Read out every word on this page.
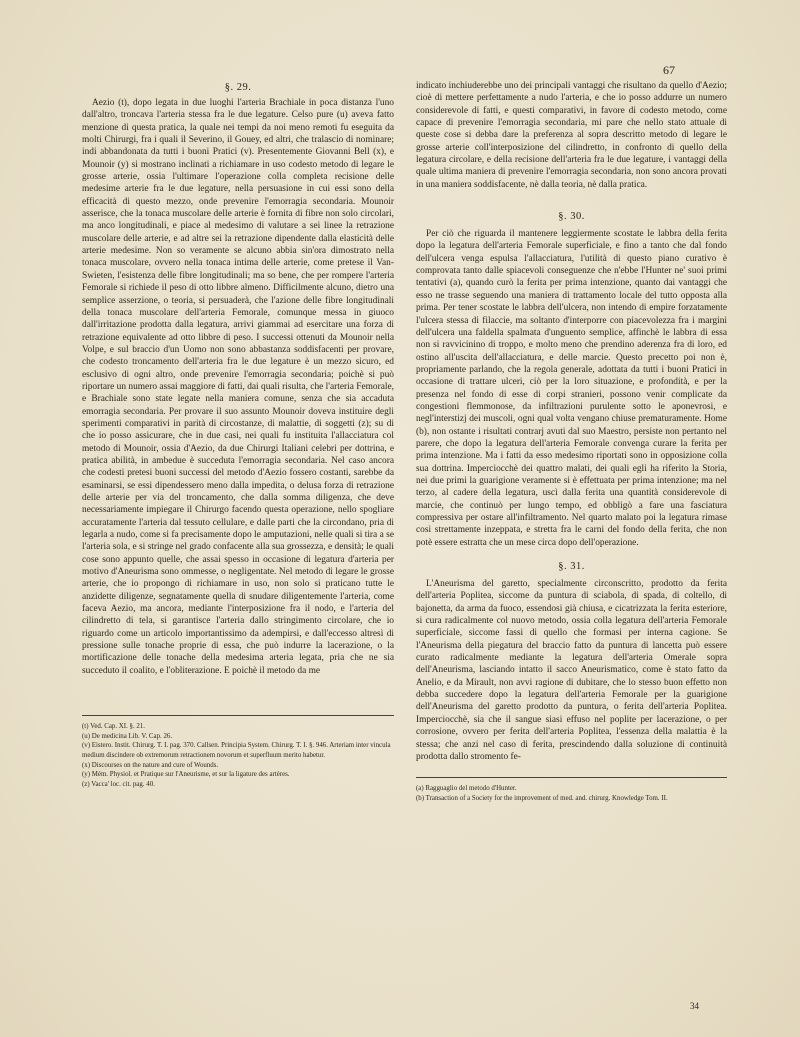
67
§. 29.

Aezio (t), dopo legata in due luoghi l'arteria Brachiale in poca distanza l'uno dall'altro, troncava l'arteria stessa fra le due legature. Celso pure (u) aveva fatto menzione di questa pratica, la quale nei tempi da noi meno remoti fu eseguita da molti Chirurgi, fra i quali il Severino, il Gouey, ed altri, che tralascio di nominare; indi abbandonata da tutti i buoni Pratici (v). Presentemente Giovanni Bell (x), e Mounoir (y) si mostrano inclinati a richiamare in uso codesto metodo di legare le grosse arterie, ossia l'ultimare l'operazione colla completa recisione delle medesime arterie fra le due legature, nella persuasione in cui essi sono della efficacità di questo mezzo, onde prevenire l'emorragia secondaria. Mounoir asserisce, che la tonaca muscolare delle arterie è fornita di fibre non solo circolari, ma anco longitudinali, e piace al medesimo di valutare a sei linee la retrazione muscolare delle arterie, e ad altre sei la retrazione dipendente dalla elasticità delle arterie medesime. Non so veramente se alcuno abbia sin'ora dimostrato nella tonaca muscolare, ovvero nella tonaca intima delle arterie, come pretese il Van-Swieten, l'esistenza delle fibre longitudinali; ma so bene, che per rompere l'arteria Femorale si richiede il peso di otto libbre almeno. Difficilmente alcuno, dietro una semplice asserzione, o teoria, si persuaderà, che l'azione delle fibre longitudinali della tonaca muscolare dell'arteria Femorale, comunque messa in giuoco dall'irritazione prodotta dalla legatura, arrivi giammai ad esercitare una forza di retrazione equivalente ad otto libbre di peso. I successi ottenuti da Mounoir nella Volpe, e sul braccio d'un Uomo non sono abbastanza soddisfacenti per provare, che codesto troncamento dell'arteria fra le due legature è un mezzo sicuro, ed esclusivo di ogni altro, onde prevenire l'emorragia secondaria; poichè si può riportare un numero assai maggiore di fatti, dai quali risulta, che l'arteria Femorale, e Brachiale sono state legate nella maniera comune, senza che sia accaduta emorragia secondaria. Per provare il suo assunto Mounoir doveva instituire degli sperimenti comparativi in parità di circostanze, di malattie, di soggetti (z); su di che io posso assicurare, che in due casi, nei quali fu instituita l'allacciatura col metodo di Mounoir, ossia d'Aezio, da due Chirurgi Italiani celebri per dottrina, e pratica abilità, in ambedue è succeduta l'emorragia secondaria. Nel caso ancora che codesti pretesi buoni successi del metodo d'Aezio fossero costanti, sarebbe da esaminarsi, se essi dipendessero meno dalla impedita, o delusa forza di retrazione delle arterie per via del troncamento, che dalla somma diligenza, che deve necessariamente impiegare il Chirurgo facendo questa operazione, nello spogliare accuratamente l'arteria dal tessuto cellulare, e dalle parti che la circondano, pria di legarla a nudo, come si fa precisamente dopo le amputazioni, nelle quali si tira a se l'arteria sola, e si stringe nel grado confacente alla sua grossezza, e densità; le quali cose sono appunto quelle, che assai spesso in occasione di legatura d'arteria per motivo d'Aneurisma sono ommesse, o negligentate. Nel metodo di legare le grosse arterie, che io propongo di richiamare in uso, non solo si praticano tutte le anzidette diligenze, segnatamente quella di snudare diligentemente l'arteria, come faceva Aezio, ma ancora, mediante l'interposizione fra il nodo, e l'arteria del cilindretto di tela, si garantisce l'arteria dallo stringimento circolare, che io riguardo come un articolo importantissimo da adempirsi, e dall'eccesso altresì di pressione sulle tonache proprie di essa, che può indurre la lacerazione, o la mortificazione delle tonache della medesima arteria legata, pria che ne sia succeduto il coalito, e l'obliterazione. E poichè il metodo da me

(t) Ved. Cap. XI. §. 21.
(u) De medicina Lib. V. Cap. 26.
(v) Eistero. Instit. Chirurg. T. I. pag. 370. Callsen. Principia System. Chirurg. T. I. §. 946. Arteriam inter vincula medium discindere ob extremorum retractionem novorum et superfluum merito habetur.
(x) Discourses on the nature and cure of Wounds.
(y) Mém. Physiol. et Pratique sur l'Aneurisme, et sur la ligature des artères.
(z) Vacca' loc. cit. pag. 40.

indicato inchiuderebbe uno dei principali vantaggi che risultano da quello d'Aezio; cioè di mettere perfettamente a nudo l'arteria, e che io posso addurre un numero considerevole di fatti, e questi comparativi, in favore di codesto metodo, come capace di prevenire l'emorragia secondaria, mi pare che nello stato attuale di queste cose si debba dare la preferenza al sopra descritto metodo di legare le grosse arterie coll'interposizione del cilindretto, in confronto di quello della legatura circolare, e della recisione dell'arteria fra le due legature, i vantaggi della quale ultima maniera di prevenire l'emorragia secondaria, non sono ancora provati in una maniera soddisfacente, nè dalla teoria, nè dalla pratica.

§. 30.

Per ciò che riguarda il mantenere leggiermente scostate le labbra della ferita dopo la legatura dell'arteria Femorale superficiale, e fino a tanto che dal fondo dell'ulcera venga espulsa l'allacciatura, l'utilità di questo piano curativo è comprovata tanto dalle spiacevoli conseguenze che n'ebbe l'Hunter ne' suoi primi tentativi (a), quando curò la ferita per prima intenzione, quanto dai vantaggi che esso ne trasse seguendo una maniera di trattamento locale del tutto opposta alla prima. Per tener scostate le labbra dell'ulcera, non intendo di empire forzatamente l'ulcera stessa di filaccie, ma soltanto d'interporre con piacevolezza fra i margini dell'ulcera una faldella spalmata d'unguento semplice, affinchè le labbra di essa non si ravvicinino di troppo, e molto meno che prendino aderenza fra di loro, ed ostino all'uscita dell'allacciatura, e delle marcie. Questo precetto poi non è, propriamente parlando, che la regola generale, adottata da tutti i buoni Pratici in occasione di trattare ulceri, ciò per la loro situazione, e profondità, e per la presenza nel fondo di esse di corpi stranieri, possono venir complicate da congestioni flemmonose, da infiltrazioni purulente sotto le aponevrosi, e negl'interstizj dei muscoli, ogni qual volta vengano chiuse prematuramente. Home (b), non ostante i risultati contrarj avuti dal suo Maestro, persiste non pertanto nel parere, che dopo la legatura dell'arteria Femorale convenga curare la ferita per prima intenzione. Ma i fatti da esso medesimo riportati sono in opposizione colla sua dottrina. Imperciocchè dei quattro malati, dei quali egli ha riferito la Storia, nei due primi la guarigione veramente si è effettuata per prima intenzione; ma nel terzo, al cadere della legatura, uscì dalla ferita una quantità considerevole di marcie, che continuò per lungo tempo, ed obbligò a fare una fasciatura compressiva per ostare all'infiltramento. Nel quarto malato poi la legatura rimase così strettamente inzeppata, e stretta fra le carni del fondo della ferita, che non potè essere estratta che un mese circa dopo dell'operazione.

§. 31.

L'Aneurisma del garetto, specialmente circonscritto, prodotto da ferita dell'arteria Poplitea, siccome da puntura di sciabola, di spada, di coltello, di bajonetta, da arma da fuoco, essendosi già chiusa, e cicatrizzata la ferita esteriore, si cura radicalmente col nuovo metodo, ossia colla legatura dell'arteria Femorale superficiale, siccome fassi di quello che formasi per interna cagione. Se l'Aneurisma della piegatura del braccio fatto da puntura di lancetta può essere curato radicalmente mediante la legatura dell'arteria Omerale sopra dell'Aneurisma, lasciando intatto il sacco Aneurismatico, come è stato fatto da Anelio, e da Mirault, non avvi ragione di dubitare, che lo stesso buon effetto non debba succedere dopo la legatura dell'arteria Femorale per la guarigione dell'Aneurisma del garetto prodotto da puntura, o ferita dell'arteria Poplitea. Imperciocchè, sia che il sangue siasi effuso nel poplite per lacerazione, o per corrosione, ovvero per ferita dell'arteria Poplitea, l'essenza della malattia è la stessa; che anzi nel caso di ferita, prescindendo dalla soluzione di continuità prodotta dallo stromento fe-

(a) Ragguaglio del metodo d'Hunter.
(b) Transaction of a Society for the improvement of med. and. chirurg. Knowledge Tom. II.
34
